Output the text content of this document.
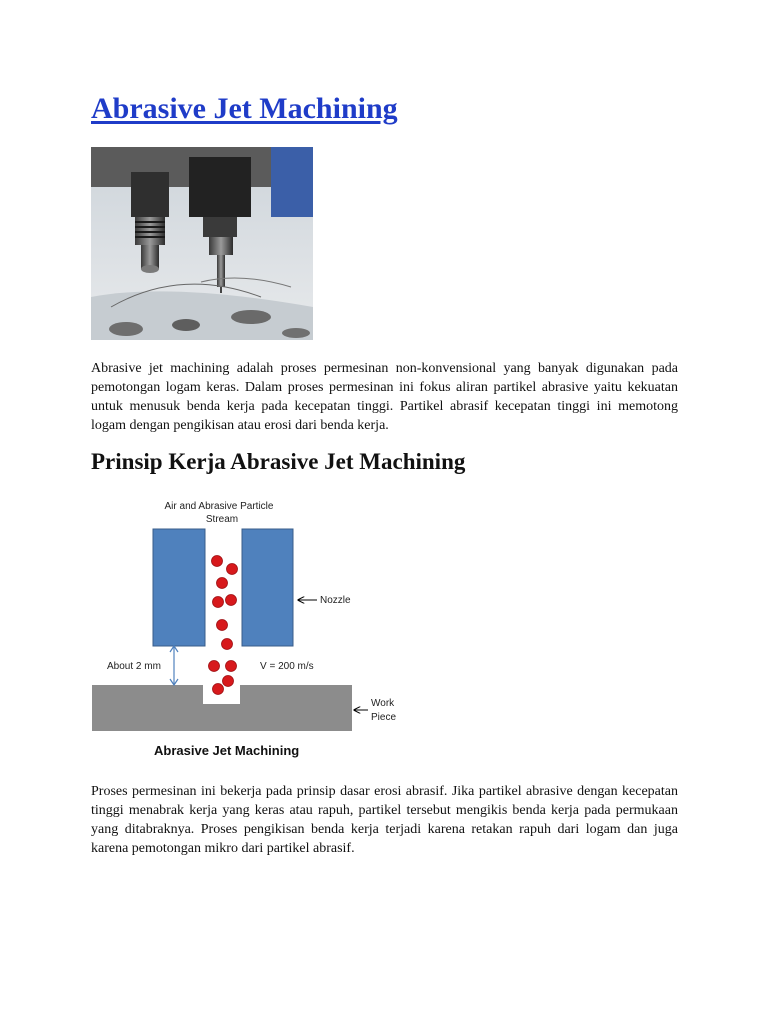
Abrasive Jet Machining

Abrasive jet machining adalah proses permesinan non-konvensional yang banyak digunakan pada pemotongan logam keras. Dalam proses permesinan ini fokus aliran partikel abrasive yaitu kekuatan untuk menusuk benda kerja pada kecepatan tinggi. Partikel abrasif kecepatan tinggi ini memotong logam dengan pengikisan atau erosi dari benda kerja.

Prinsip Kerja Abrasive Jet Machining
Air and Abrasive Particle
Stream
About 2 mm	V = 200 m/s
Nozzle
Work
Piece
Abrasive Jet Machining

Proses permesinan ini bekerja pada prinsip dasar erosi abrasif. Jika partikel abrasive dengan kecepatan tinggi menabrak kerja yang keras atau rapuh, partikel tersebut mengikis benda kerja pada permukaan yang ditabraknya. Proses pengikisan benda kerja terjadi karena retakan rapuh dari logam dan juga karena pemotongan mikro dari partikel abrasif.
